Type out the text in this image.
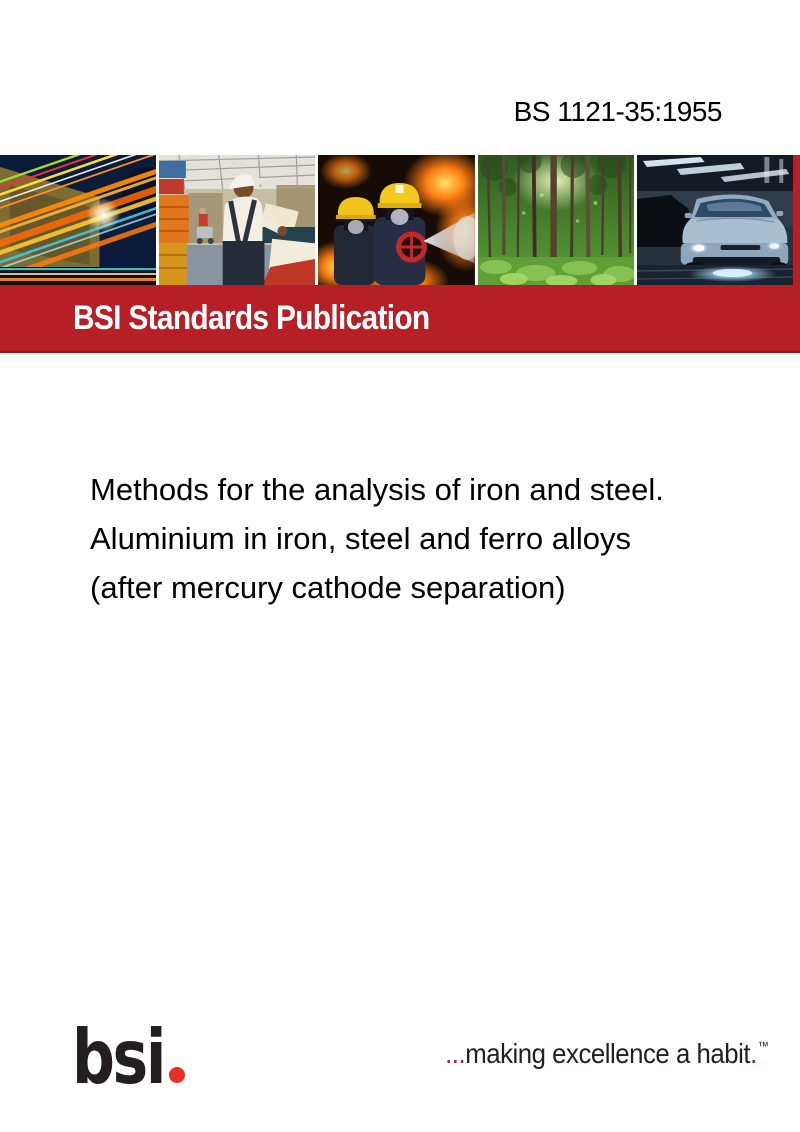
BS 1121-35:1955
BSI Standards Publication
Methods for the analysis of iron and steel.
Aluminium in iron, steel and ferro alloys
(after mercury cathode separation)
bsi	...making excellence a habit.™
